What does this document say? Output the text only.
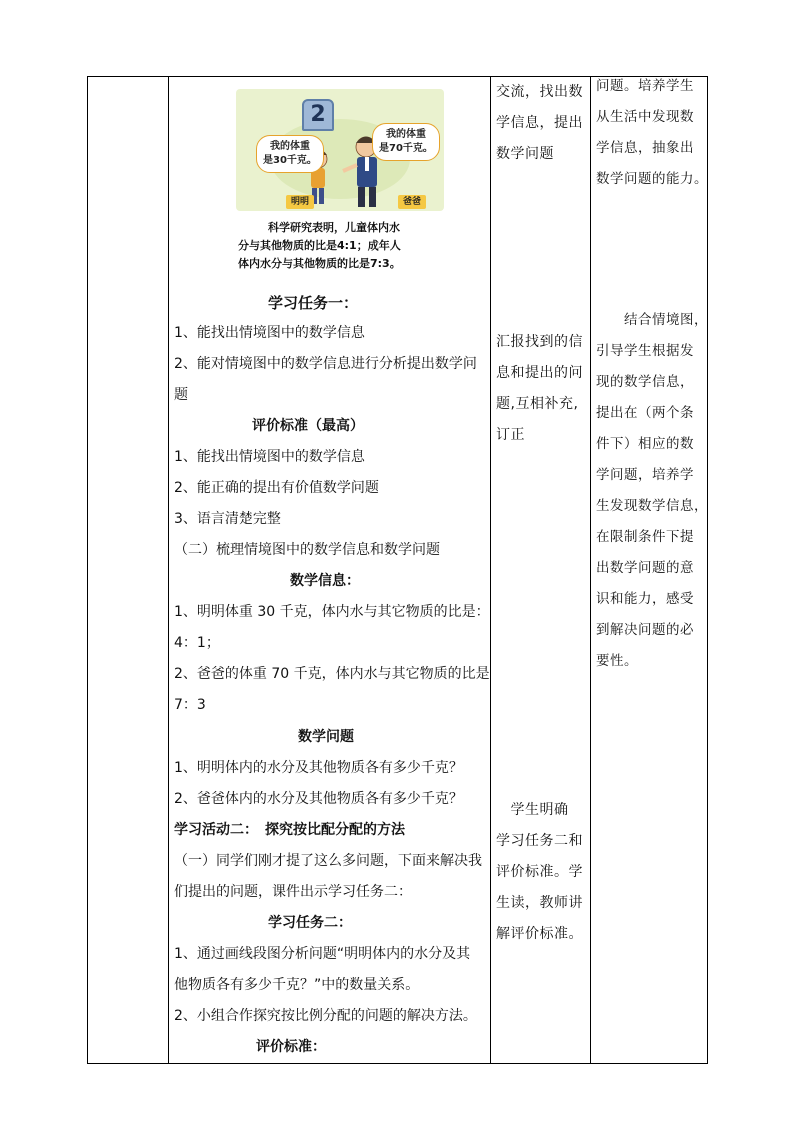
2
我的体重
是30千克。
我的体重
是70千克。
明明	爸爸
科学研究表明，儿童体内水
分与其他物质的比是4:1；成年人
体内水分与其他物质的比是7:3。
学习任务一：
1、能找出情境图中的数学信息
2、能对情境图中的数学信息进行分析提出数学问
题
评价标准（最高）
1、能找出情境图中的数学信息
2、能正确的提出有价值数学问题
3、语言清楚完整
（二）梳理情境图中的数学信息和数学问题
数学信息：
1、明明体重 30 千克，体内水与其它物质的比是：
4：1；
2、爸爸的体重 70 千克，体内水与其它物质的比是
7：3
数学问题
1、明明体内的水分及其他物质各有多少千克？
2、爸爸体内的水分及其他物质各有多少千克？
学习活动二：　探究按比配分配的方法
（一）同学们刚才提了这么多问题，下面来解决我
们提出的问题，课件出示学习任务二：
学习任务二：
1、通过画线段图分析问题“明明体内的水分及其
他物质各有多少千克？”中的数量关系。
2、小组合作探究按比例分配的问题的解决方法。
评价标准：
交流，找出数
学信息，提出
数学问题
汇报找到的信
息和提出的问
题,互相补充,
订正
　学生明确
学习任务二和
评价标准。学
生读，教师讲
解评价标准。
问题。培养学生
从生活中发现数
学信息，抽象出
数学问题的能力。
　　结合情境图，
引导学生根据发
现的数学信息，
提出在（两个条
件下）相应的数
学问题，培养学
生发现数学信息，
在限制条件下提
出数学问题的意
识和能力，感受
到解决问题的必
要性。
